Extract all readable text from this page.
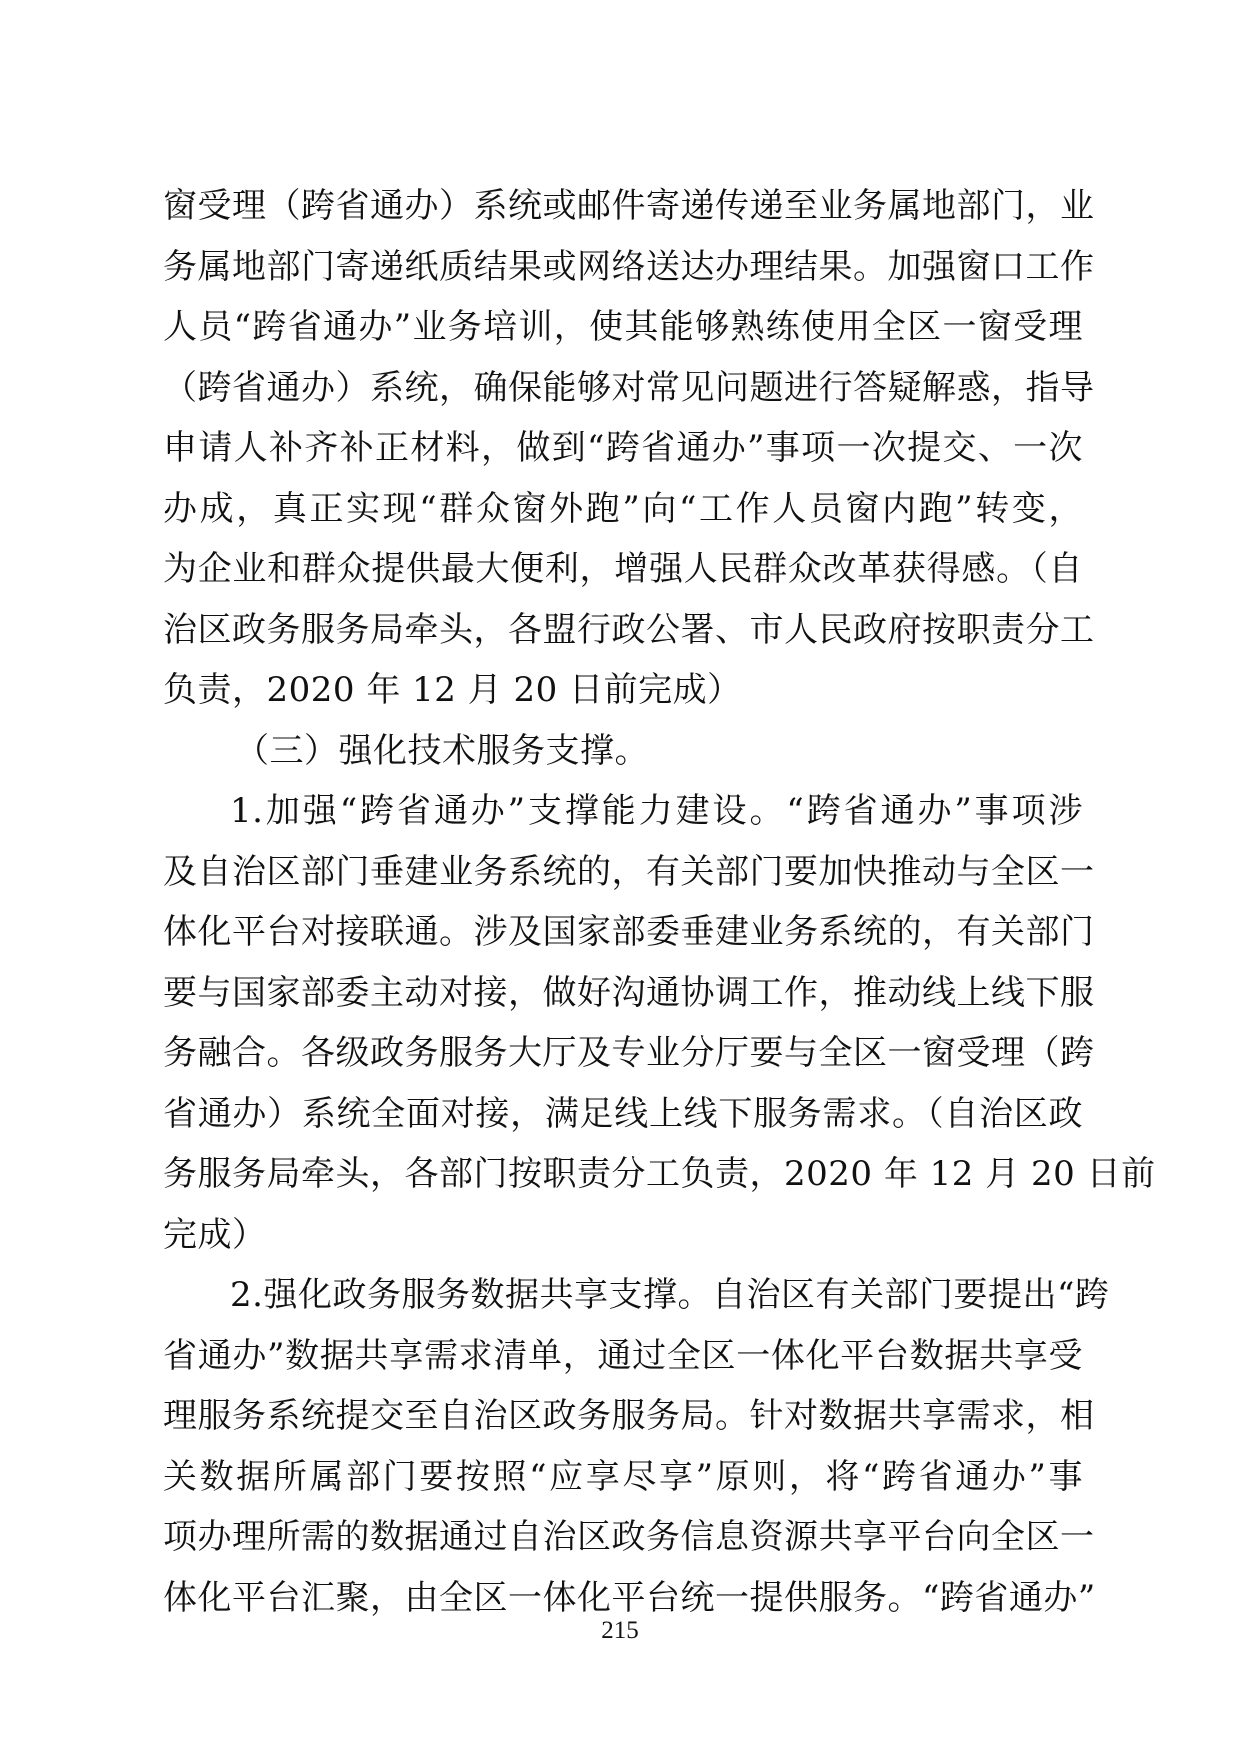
窗受理（跨省通办）系统或邮件寄递传递至业务属地部门，业
务属地部门寄递纸质结果或网络送达办理结果。加强窗口工作
人员“跨省通办”业务培训，使其能够熟练使用全区一窗受理
（跨省通办）系统，确保能够对常见问题进行答疑解惑，指导
申请人补齐补正材料，做到“跨省通办”事项一次提交、一次
办成，真正实现“群众窗外跑”向“工作人员窗内跑”转变，
为企业和群众提供最大便利，增强人民群众改革获得感。（自
治区政务服务局牵头，各盟行政公署、市人民政府按职责分工
负责，2020 年 12 月 20 日前完成）
（三）强化技术服务支撑。
1.加强“跨省通办”支撑能力建设。“跨省通办”事项涉
及自治区部门垂建业务系统的，有关部门要加快推动与全区一
体化平台对接联通。涉及国家部委垂建业务系统的，有关部门
要与国家部委主动对接，做好沟通协调工作，推动线上线下服
务融合。各级政务服务大厅及专业分厅要与全区一窗受理（跨
省通办）系统全面对接，满足线上线下服务需求。（自治区政
务服务局牵头，各部门按职责分工负责，2020 年 12 月 20 日前
完成）
2.强化政务服务数据共享支撑。自治区有关部门要提出“跨
省通办”数据共享需求清单，通过全区一体化平台数据共享受
理服务系统提交至自治区政务服务局。针对数据共享需求，相
关数据所属部门要按照“应享尽享”原则，将“跨省通办”事
项办理所需的数据通过自治区政务信息资源共享平台向全区一
体化平台汇聚，由全区一体化平台统一提供服务。“跨省通办”
215
